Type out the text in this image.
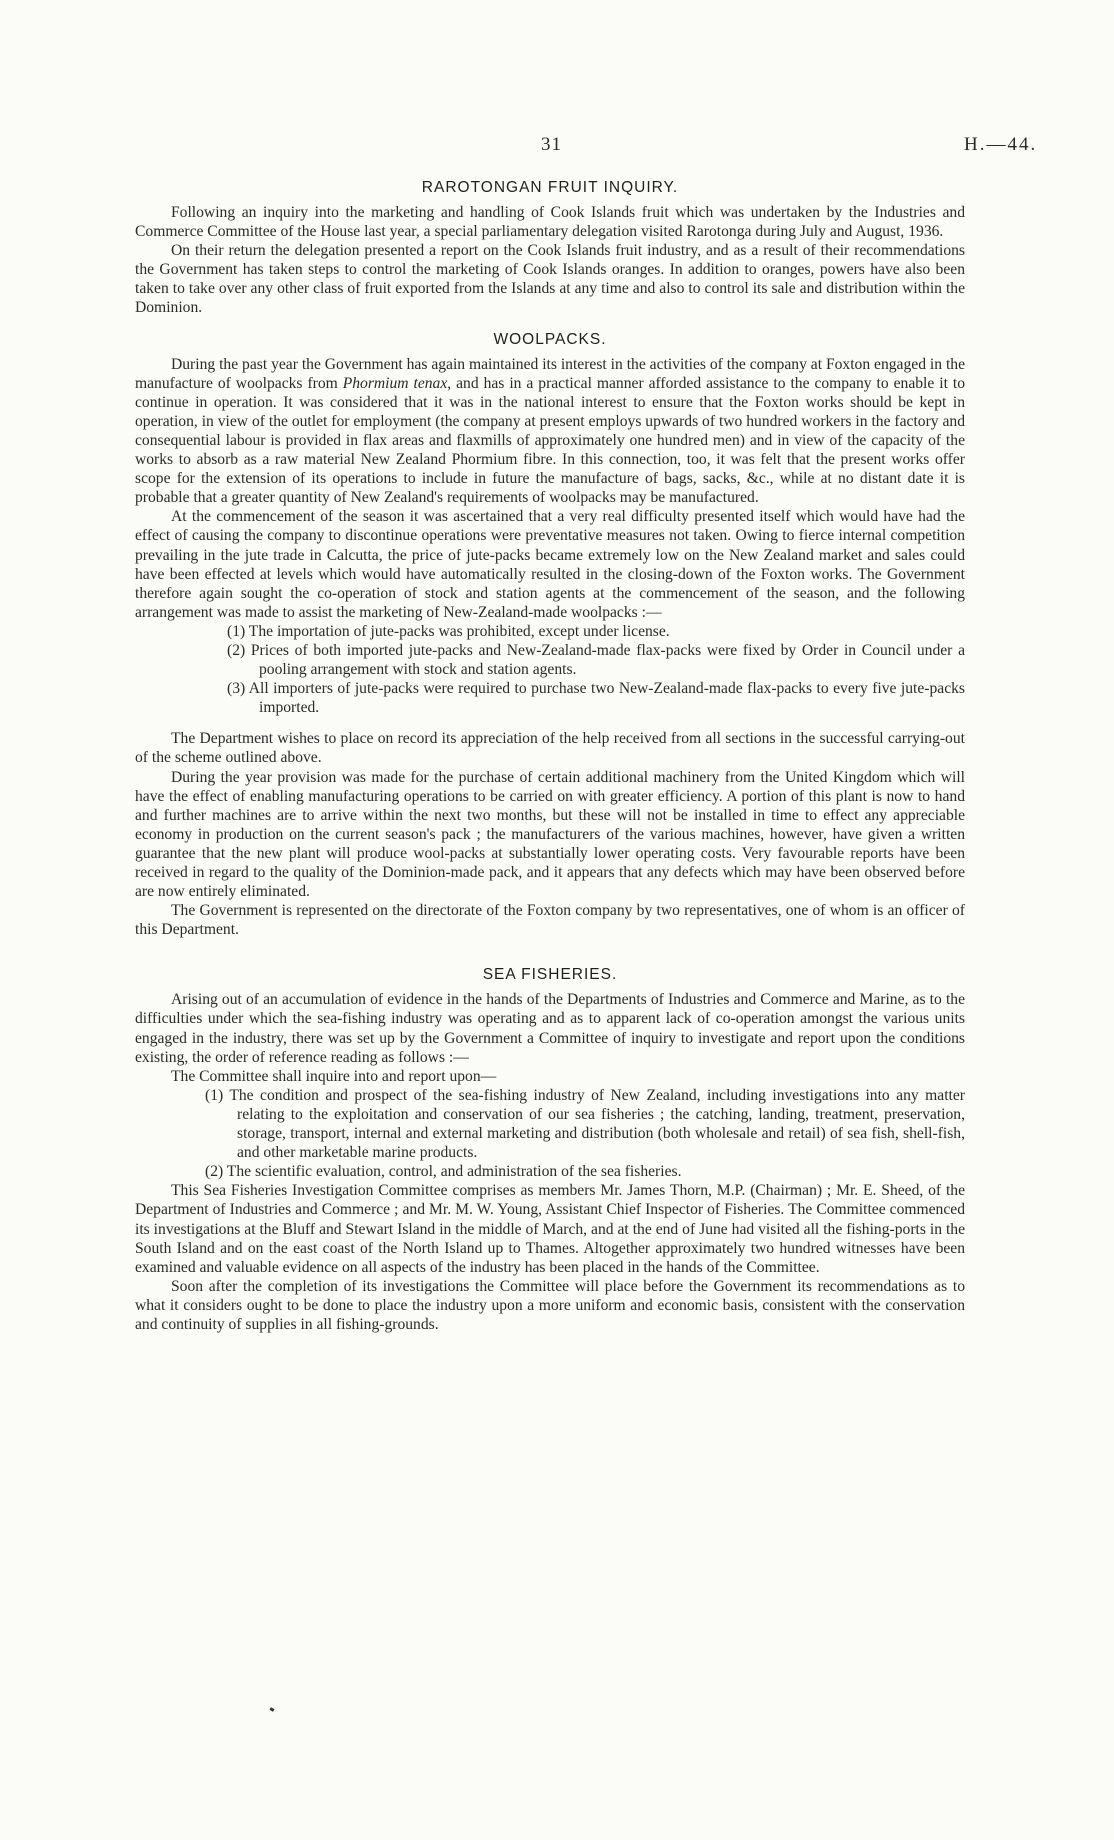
31	H.—44.
RAROTONGAN FRUIT INQUIRY.

Following an inquiry into the marketing and handling of Cook Islands fruit which was undertaken by the Industries and Commerce Committee of the House last year, a special parliamentary delegation visited Rarotonga during July and August, 1936.

On their return the delegation presented a report on the Cook Islands fruit industry, and as a result of their recommendations the Government has taken steps to control the marketing of Cook Islands oranges. In addition to oranges, powers have also been taken to take over any other class of fruit exported from the Islands at any time and also to control its sale and distribution within the Dominion.

WOOLPACKS.

During the past year the Government has again maintained its interest in the activities of the company at Foxton engaged in the manufacture of woolpacks from Phormium tenax, and has in a practical manner afforded assistance to the company to enable it to continue in operation. It was considered that it was in the national interest to ensure that the Foxton works should be kept in operation, in view of the outlet for employment (the company at present employs upwards of two hundred workers in the factory and consequential labour is provided in flax areas and flaxmills of approximately one hundred men) and in view of the capacity of the works to absorb as a raw material New Zealand Phormium fibre. In this connection, too, it was felt that the present works offer scope for the extension of its operations to include in future the manufacture of bags, sacks, &c., while at no distant date it is probable that a greater quantity of New Zealand's requirements of woolpacks may be manufactured.

At the commencement of the season it was ascertained that a very real difficulty presented itself which would have had the effect of causing the company to discontinue operations were preventative measures not taken. Owing to fierce internal competition prevailing in the jute trade in Calcutta, the price of jute-packs became extremely low on the New Zealand market and sales could have been effected at levels which would have automatically resulted in the closing-down of the Foxton works. The Government therefore again sought the co-operation of stock and station agents at the commencement of the season, and the following arrangement was made to assist the marketing of New-Zealand-made woolpacks :—

(1) The importation of jute-packs was prohibited, except under license.
(2) Prices of both imported jute-packs and New-Zealand-made flax-packs were fixed by Order in Council under a pooling arrangement with stock and station agents.
(3) All importers of jute-packs were required to purchase two New-Zealand-made flax-packs to every five jute-packs imported.

The Department wishes to place on record its appreciation of the help received from all sections in the successful carrying-out of the scheme outlined above.

During the year provision was made for the purchase of certain additional machinery from the United Kingdom which will have the effect of enabling manufacturing operations to be carried on with greater efficiency. A portion of this plant is now to hand and further machines are to arrive within the next two months, but these will not be installed in time to effect any appreciable economy in production on the current season's pack ; the manufacturers of the various machines, however, have given a written guarantee that the new plant will produce wool-packs at substantially lower operating costs. Very favourable reports have been received in regard to the quality of the Dominion-made pack, and it appears that any defects which may have been observed before are now entirely eliminated.

The Government is represented on the directorate of the Foxton company by two representatives, one of whom is an officer of this Department.

SEA FISHERIES.

Arising out of an accumulation of evidence in the hands of the Departments of Industries and Commerce and Marine, as to the difficulties under which the sea-fishing industry was operating and as to apparent lack of co-operation amongst the various units engaged in the industry, there was set up by the Government a Committee of inquiry to investigate and report upon the conditions existing, the order of reference reading as follows :—

The Committee shall inquire into and report upon—

(1) The condition and prospect of the sea-fishing industry of New Zealand, including investigations into any matter relating to the exploitation and conservation of our sea fisheries ; the catching, landing, treatment, preservation, storage, transport, internal and external marketing and distribution (both wholesale and retail) of sea fish, shell-fish, and other marketable marine products.
(2) The scientific evaluation, control, and administration of the sea fisheries.

This Sea Fisheries Investigation Committee comprises as members Mr. James Thorn, M.P. (Chairman) ; Mr. E. Sheed, of the Department of Industries and Commerce ; and Mr. M. W. Young, Assistant Chief Inspector of Fisheries. The Committee commenced its investigations at the Bluff and Stewart Island in the middle of March, and at the end of June had visited all the fishing-ports in the South Island and on the east coast of the North Island up to Thames. Altogether approximately two hundred witnesses have been examined and valuable evidence on all aspects of the industry has been placed in the hands of the Committee.

Soon after the completion of its investigations the Committee will place before the Government its recommendations as to what it considers ought to be done to place the industry upon a more uniform and economic basis, consistent with the conservation and continuity of supplies in all fishing-grounds.
